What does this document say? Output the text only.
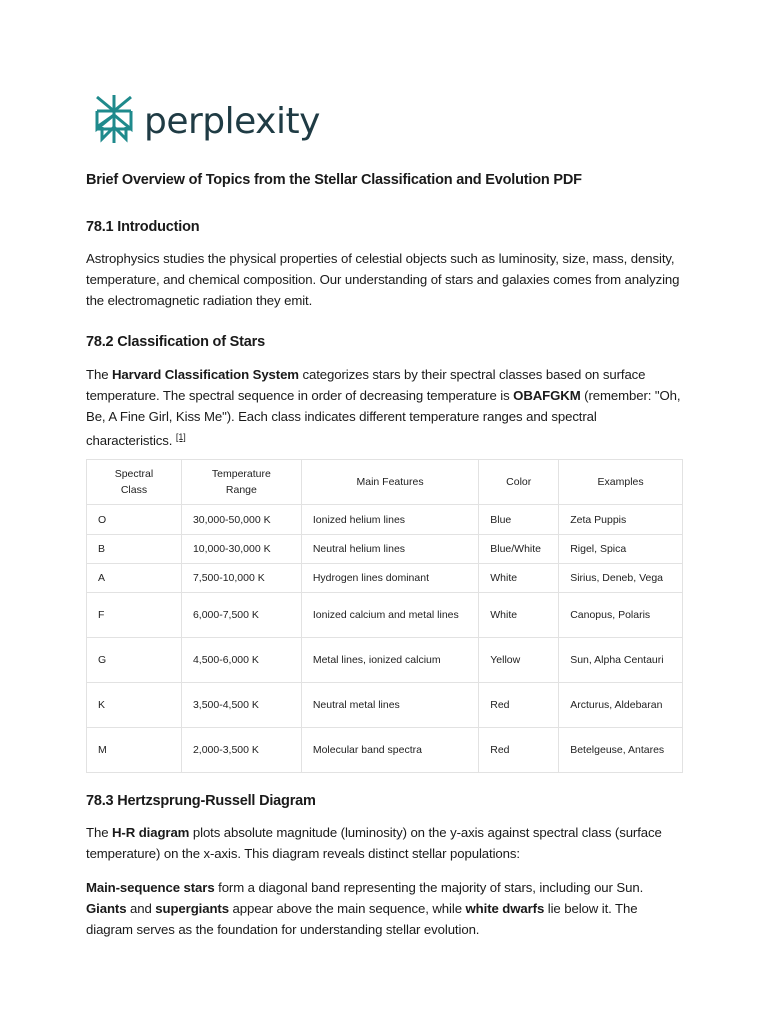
perplexity
Brief Overview of Topics from the Stellar Classification and Evolution PDF
78.1 Introduction

Astrophysics studies the physical properties of celestial objects such as luminosity, size, mass, density, temperature, and chemical composition. Our understanding of stars and galaxies comes from analyzing the electromagnetic radiation they emit.

78.2 Classification of Stars

The Harvard Classification System categorizes stars by their spectral classes based on surface temperature. The spectral sequence in order of decreasing temperature is OBAFGKM (remember: "Oh, Be, A Fine Girl, Kiss Me"). Each class indicates different temperature ranges and spectral characteristics. [1]

Spectral Class	Temperature Range	Main Features	Color	Examples
O	30,000-50,000 K	Ionized helium lines	Blue	Zeta Puppis
B	10,000-30,000 K	Neutral helium lines	Blue/White	Rigel, Spica
A	7,500-10,000 K	Hydrogen lines dominant	White	Sirius, Deneb, Vega
F	6,000-7,500 K	Ionized calcium and metal lines	White	Canopus, Polaris
G	4,500-6,000 K	Metal lines, ionized calcium	Yellow	Sun, Alpha Centauri
K	3,500-4,500 K	Neutral metal lines	Red	Arcturus, Aldebaran
M	2,000-3,500 K	Molecular band spectra	Red	Betelgeuse, Antares
78.3 Hertzsprung-Russell Diagram

The H-R diagram plots absolute magnitude (luminosity) on the y-axis against spectral class (surface temperature) on the x-axis. This diagram reveals distinct stellar populations:

Main-sequence stars form a diagonal band representing the majority of stars, including our Sun. Giants and supergiants appear above the main sequence, while white dwarfs lie below it. The diagram serves as the foundation for understanding stellar evolution.
